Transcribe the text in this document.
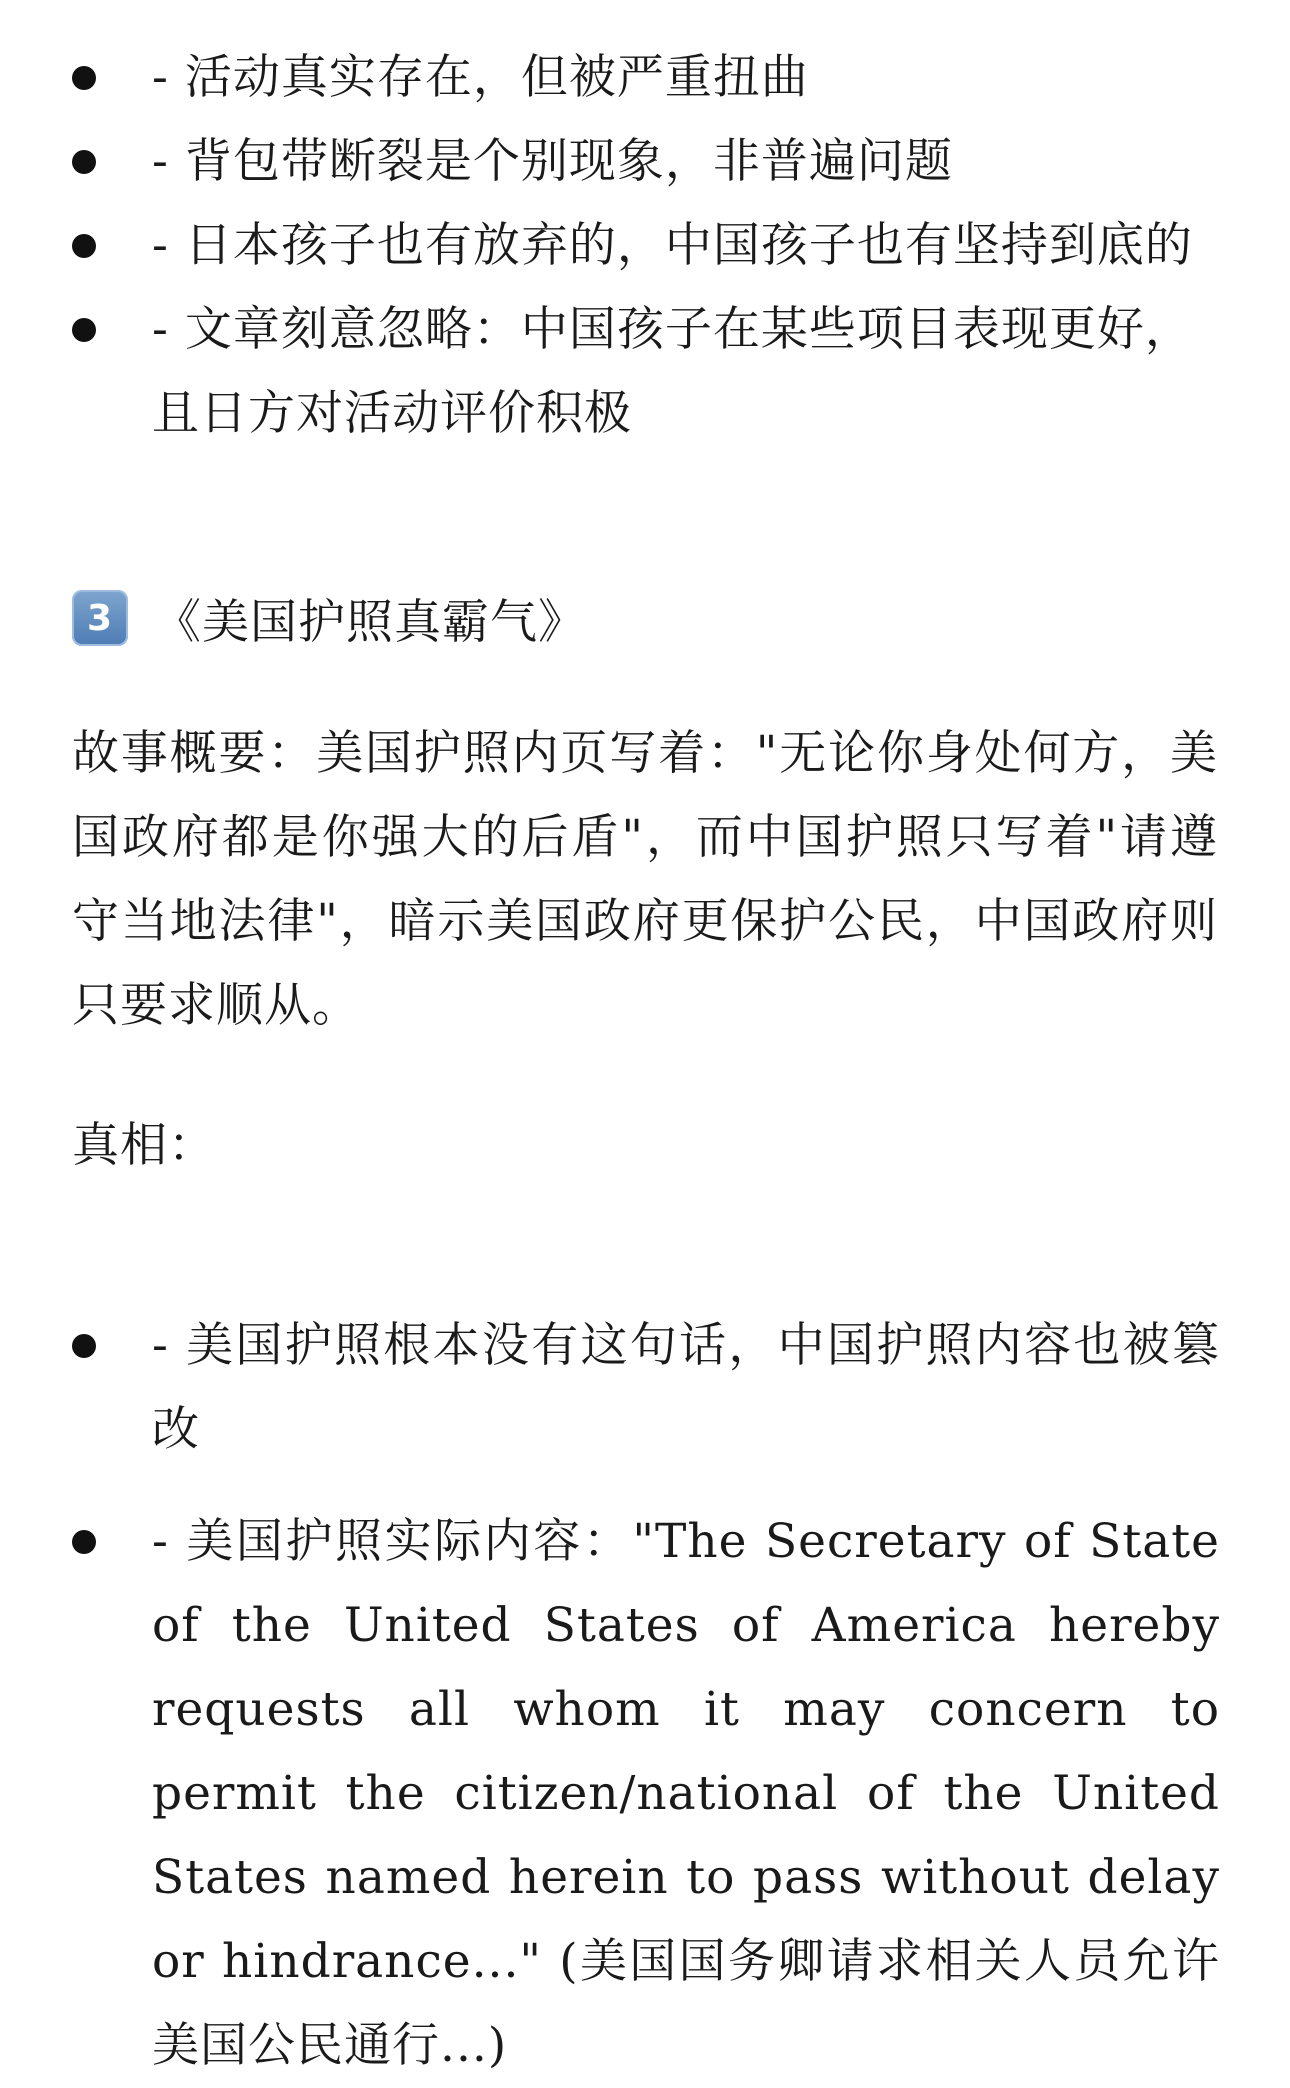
- 活动真实存在，但被严重扭曲
- 背包带断裂是个别现象，非普遍问题
- 日本孩子也有放弃的，中国孩子也有坚持到底的
- 文章刻意忽略：中国孩子在某些项目表现更好，且日方对活动评价积极
3 《美国护照真霸气》

故事概要：美国护照内页写着："无论你身处何方，美国政府都是你强大的后盾"，而中国护照只写着"请遵守当地法律"，暗示美国政府更保护公民，中国政府则只要求顺从。

真相：

- 美国护照根本没有这句话，中国护照内容也被篡改
- 美国护照实际内容："The Secretary of State of the United States of America hereby requests all whom it may concern to permit the citizen/national of the United States named herein to pass without delay or hindrance..." (美国国务卿请求相关人员允许美国公民通行...)
